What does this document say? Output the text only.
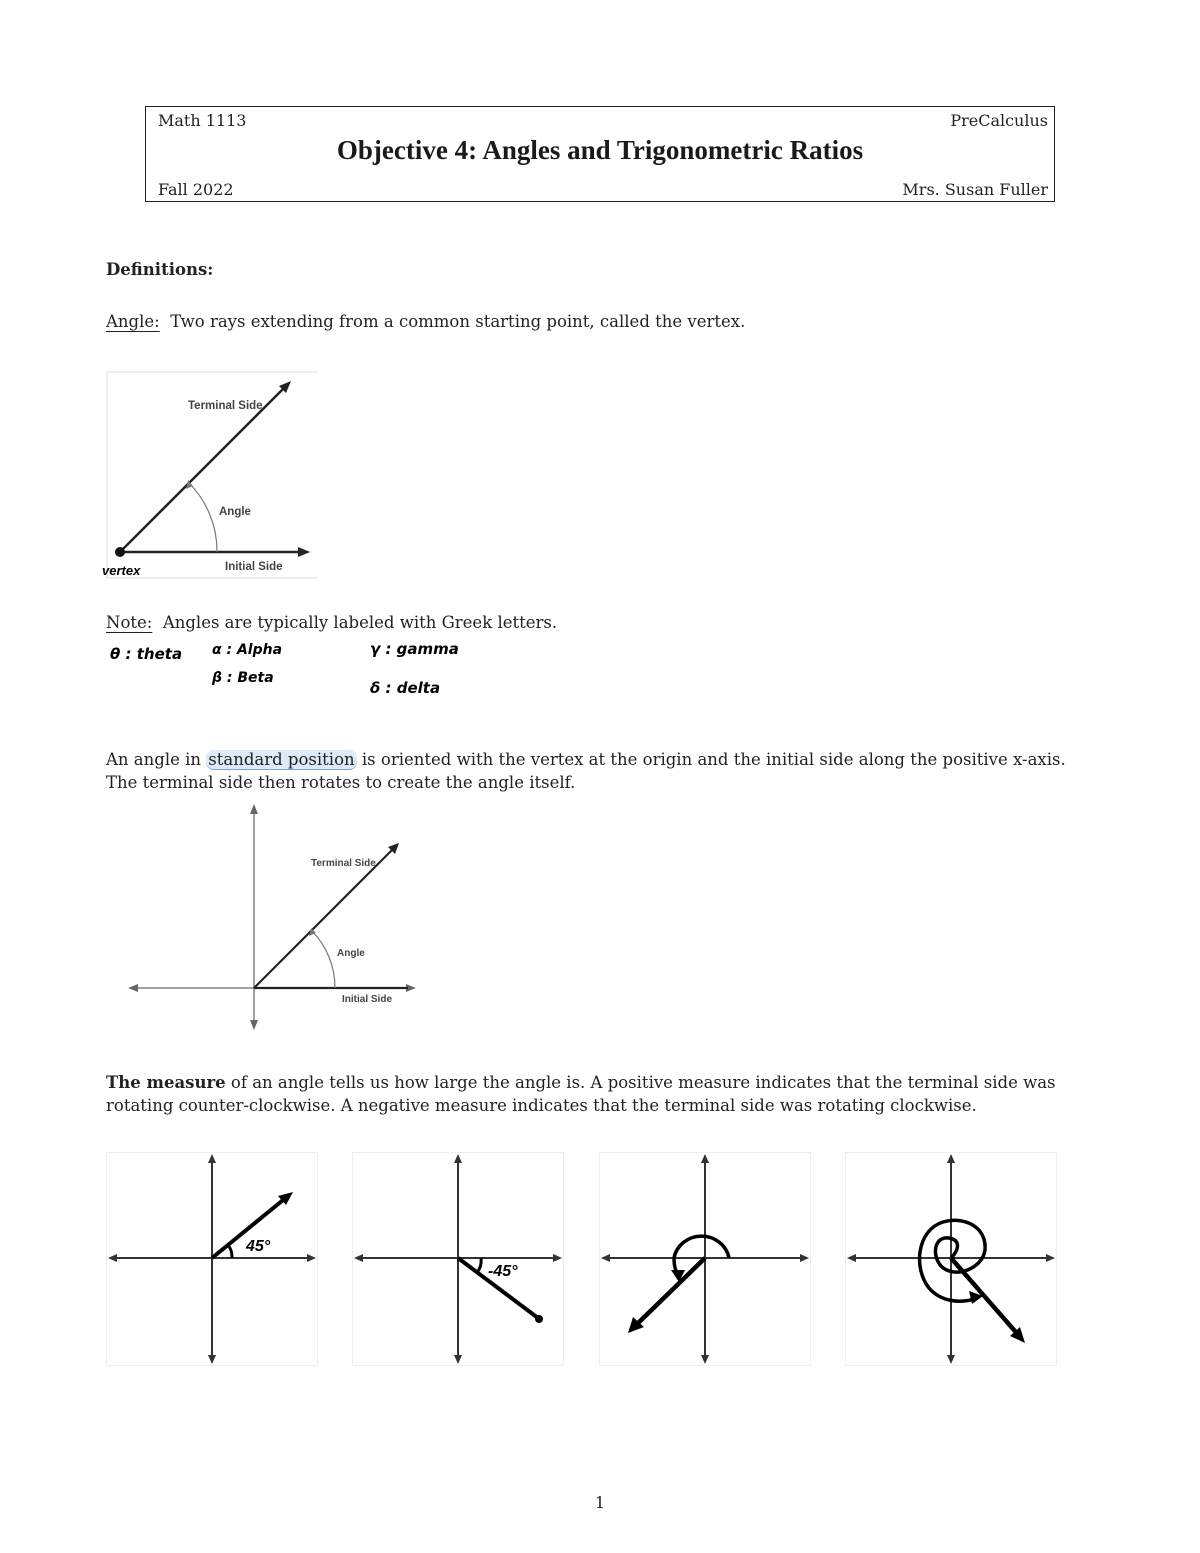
Math 1113	PreCalculus
Objective 4: Angles and Trigonometric Ratios
Fall 2022	Mrs. Susan Fuller
Definitions:
Angle: Two rays extending from a common starting point, called the vertex.
Terminal Side
Angle
Initial Side
vertex
Note: Angles are typically labeled with Greek letters.
θ : theta α : Alpha
β : Beta
γ : gamma
δ : delta
An angle in standard position is oriented with the vertex at the origin and the initial side along the positive x-axis.
The terminal side then rotates to create the angle itself.
Terminal Side
Angle
Initial Side
The measure of an angle tells us how large the angle is. A positive measure indicates that the terminal side was
rotating counter-clockwise. A negative measure indicates that the terminal side was rotating clockwise.
45°
-45°
1
